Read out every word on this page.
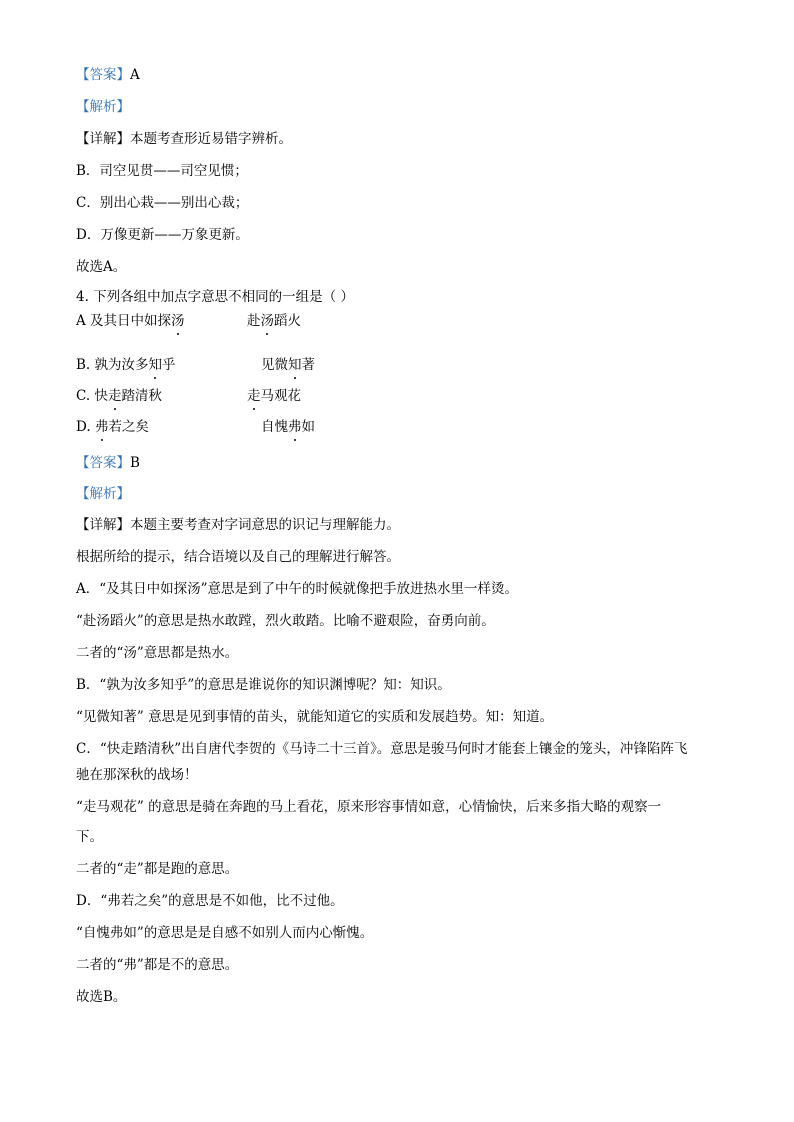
【答案】A
【解析】
【详解】本题考查形近易错字辨析。
B．司空见贯——司空见惯；
C．别出心栽——别出心裁；
D．万像更新——万象更新。
故选A。
4. 下列各组中加点字意思不相同的一组是（ ）
A 及其日中如探汤	赴汤蹈火
B. 孰为汝多知乎	见微知著
C. 快走踏清秋	走马观花
D. 弗若之矣	自愧弗如
【答案】B
【解析】
【详解】本题主要考查对字词意思的识记与理解能力。
根据所给的提示，结合语境以及自己的理解进行解答。
A．“及其日中如探汤”意思是到了中午的时候就像把手放进热水里一样烫。
“赴汤蹈火”的意思是热水敢蹚，烈火敢踏。比喻不避艰险，奋勇向前。
二者的“汤”意思都是热水。
B．“孰为汝多知乎”的意思是谁说你的知识渊博呢？知：知识。
“见微知著” 意思是见到事情的苗头，就能知道它的实质和发展趋势。知：知道。
C．“快走踏清秋”出自唐代李贺的《马诗二十三首》。意思是骏马何时才能套上镶金的笼头，冲锋陷阵飞
驰在那深秋的战场！
“走马观花” 的意思是骑在奔跑的马上看花，原来形容事情如意，心情愉快，后来多指大略的观察一
下。
二者的“走”都是跑的意思。
D．“弗若之矣”的意思是不如他，比不过他。
“自愧弗如”的意思是是自感不如别人而内心惭愧。
二者的“弗”都是不的意思。
故选B。
